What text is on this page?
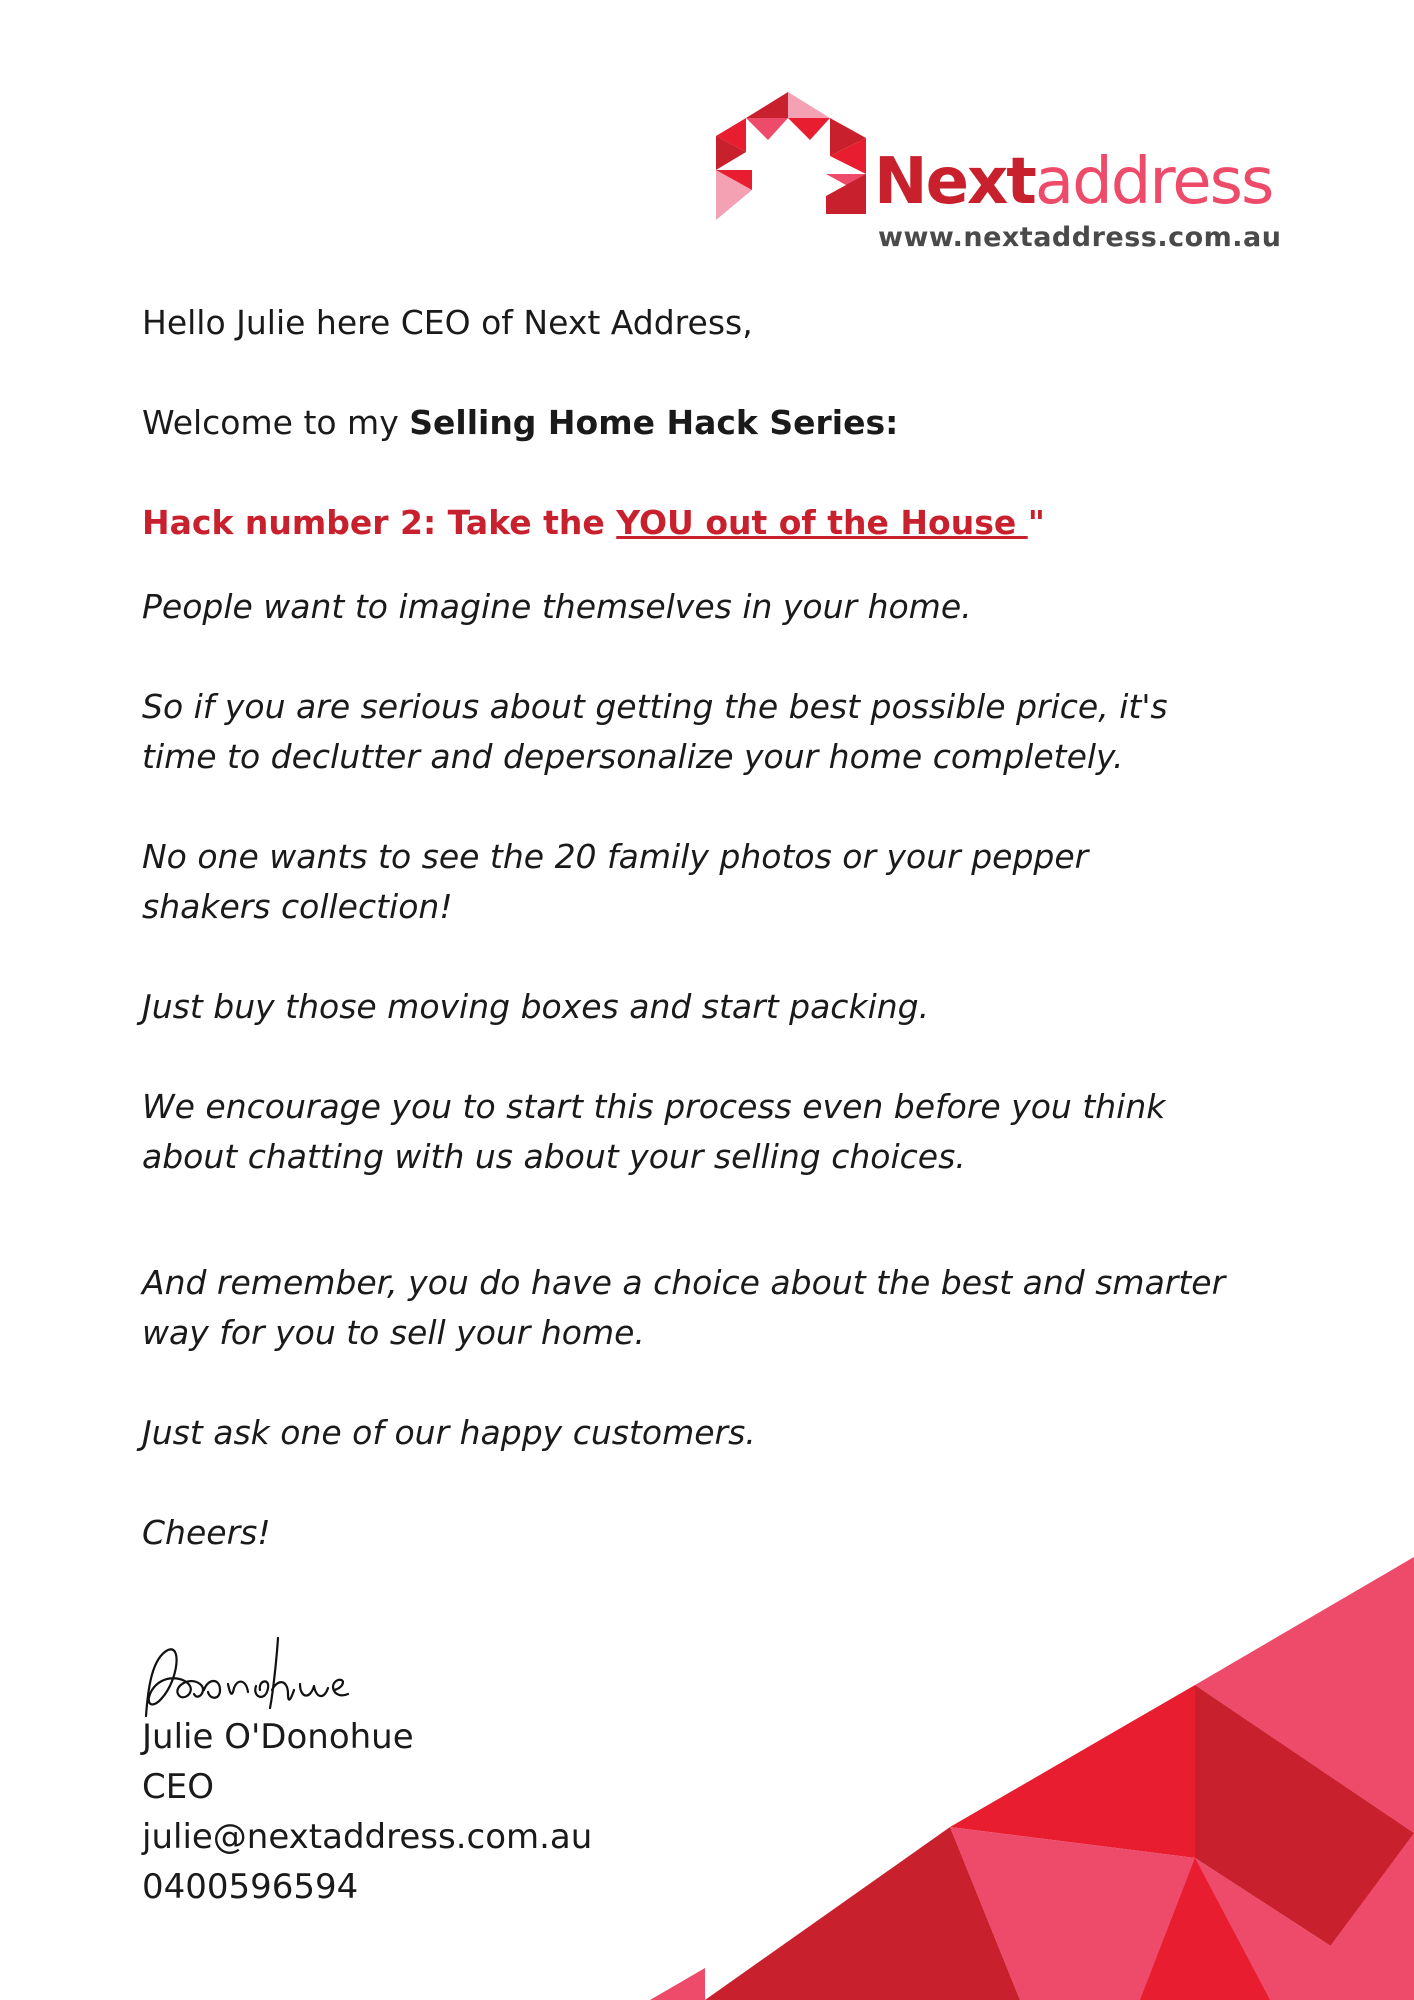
Nextaddress
www.nextaddress.com.au

Hello Julie here CEO of Next Address,

Welcome to my Selling Home Hack Series:

Hack number 2: Take the YOU out of the House "

People want to imagine themselves in your home.

So if you are serious about getting the best possible price, it's time to declutter and depersonalize your home completely.

No one wants to see the 20 family photos or your pepper shakers collection!

Just buy those moving boxes and start packing.

We encourage you to start this process even before you think about chatting with us about your selling choices.

And remember, you do have a choice about the best and smarter way for you to sell your home.

Just ask one of our happy customers.

Cheers!

Julie O'Donohue
CEO
julie@nextaddress.com.au
0400596594
